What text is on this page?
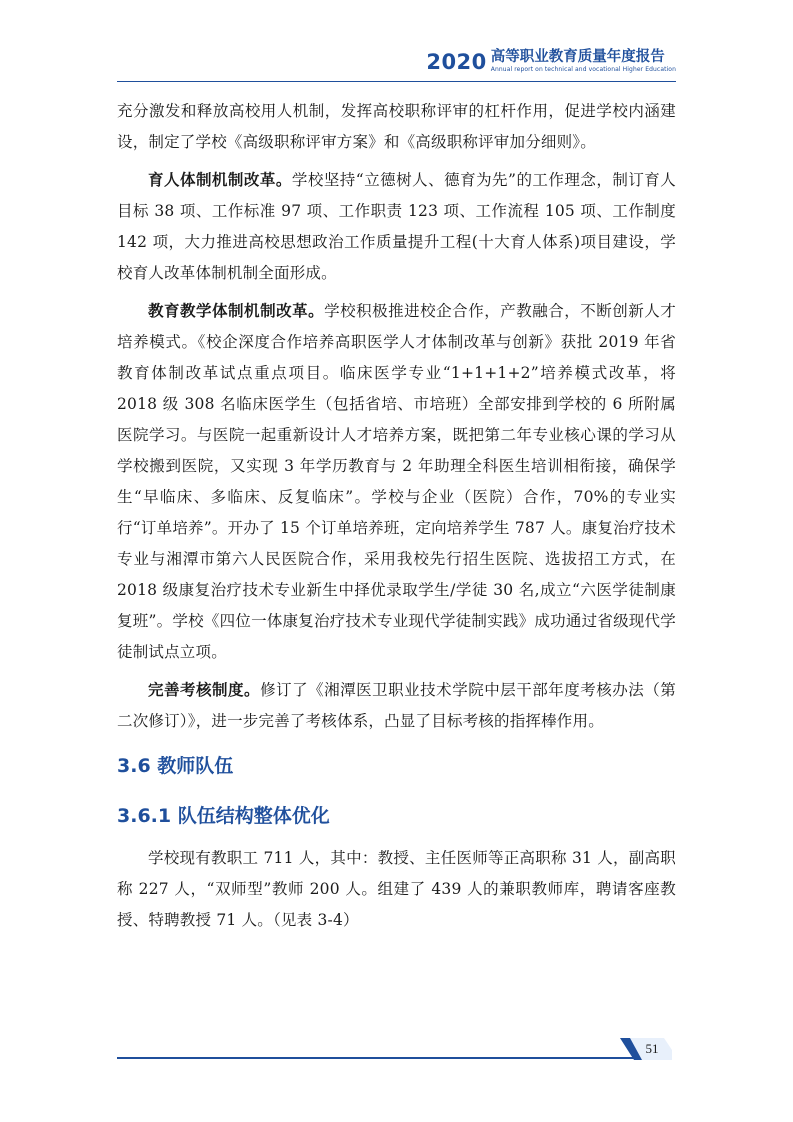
2020 高等职业教育质量年度报告
Annual report on technical and vocational Higher Education

充分激发和释放高校用人机制，发挥高校职称评审的杠杆作用，促进学校内涵建设，制定了学校《高级职称评审方案》和《高级职称评审加分细则》。

育人体制机制改革。学校坚持“立德树人、德育为先”的工作理念，制订育人目标 38 项、工作标准 97 项、工作职责 123 项、工作流程 105 项、工作制度 142 项，大力推进高校思想政治工作质量提升工程(十大育人体系)项目建设，学校育人改革体制机制全面形成。

教育教学体制机制改革。学校积极推进校企合作，产教融合，不断创新人才培养模式。《校企深度合作培养高职医学人才体制改革与创新》获批 2019 年省教育体制改革试点重点项目。临床医学专业“1+1+1+2”培养模式改革，将 2018 级 308 名临床医学生（包括省培、市培班）全部安排到学校的 6 所附属医院学习。与医院一起重新设计人才培养方案，既把第二年专业核心课的学习从学校搬到医院，又实现 3 年学历教育与 2 年助理全科医生培训相衔接，确保学生“早临床、多临床、反复临床”。学校与企业（医院）合作，70%的专业实行“订单培养”。开办了 15 个订单培养班，定向培养学生 787 人。康复治疗技术专业与湘潭市第六人民医院合作，采用我校先行招生医院、选拔招工方式，在 2018 级康复治疗技术专业新生中择优录取学生/学徒 30 名,成立“六医学徒制康复班”。学校《四位一体康复治疗技术专业现代学徒制实践》成功通过省级现代学徒制试点立项。

完善考核制度。修订了《湘潭医卫职业技术学院中层干部年度考核办法（第二次修订）》，进一步完善了考核体系，凸显了目标考核的指挥棒作用。

3.6 教师队伍
3.6.1 队伍结构整体优化

学校现有教职工 711 人，其中：教授、主任医师等正高职称 31 人，副高职称 227 人，“双师型”教师 200 人。组建了 439 人的兼职教师库，聘请客座教授、特聘教授 71 人。（见表 3-4）

51
